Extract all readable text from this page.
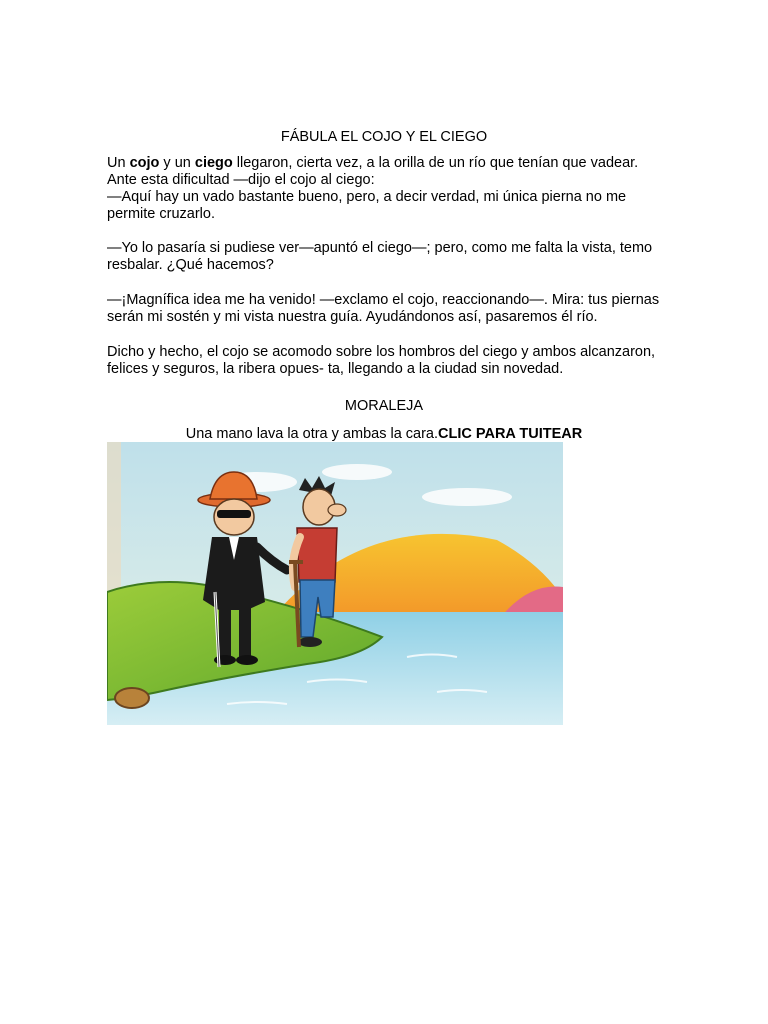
FÁBULA EL COJO Y EL CIEGO
Un cojo y un ciego llegaron, cierta vez, a la orilla de un río que tenían que vadear. Ante esta dificultad —dijo el cojo al ciego:
—Aquí hay un vado bastante bueno, pero, a decir verdad, mi única pierna no me permite cruzarlo.
—Yo lo pasaría si pudiese ver—apuntó el ciego—; pero, como me falta la vista, temo resbalar. ¿Qué hacemos?
—¡Magnífica idea me ha venido! —exclamo el cojo, reaccionando—. Mira: tus piernas serán mi sostén y mi vista nuestra guía. Ayudándonos así, pasaremos él río.
Dicho y hecho, el cojo se acomodo sobre los hombros del ciego y ambos alcanzaron, felices y seguros, la ribera opues- ta, llegando a la ciudad sin novedad.
MORALEJA
Una mano lava la otra y ambas la cara.CLIC PARA TUITEAR
